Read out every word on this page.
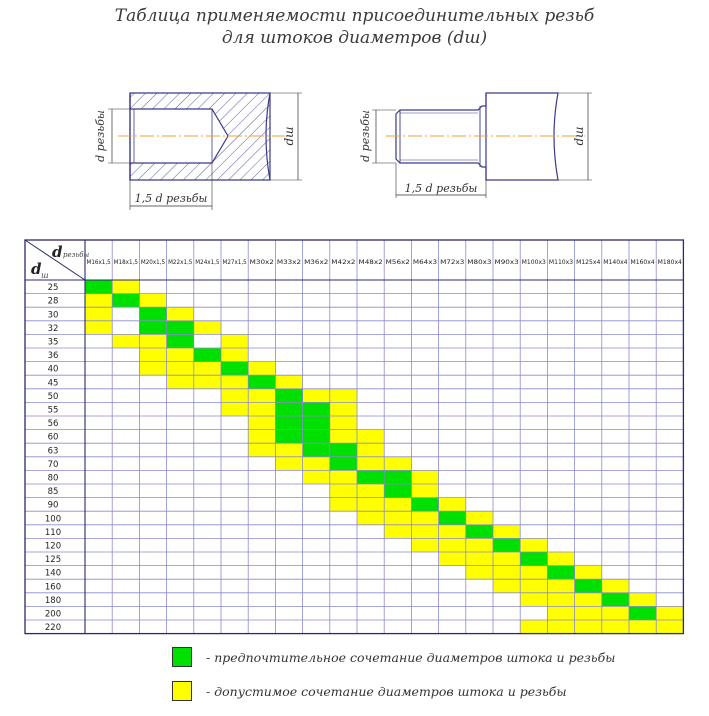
Таблица применяемости присоединительных резьб
для штоков диаметров (dш)
d резьбы	dш
1,5 d резьбы
d резьбы	dш
1,5 d резьбы
d резьбы
d ш
M16x1,5 M18x1,5 M20x1,5 M22x1,5 M24x1,5 M27x1,5 M30x2 M33x2 M36x2 M42x2 M48x2 M56x2 M64x3 M72x3 M80x3 M90x3 M100x3 M110x3 M125x4 M140x4 M160x4 M180x4
25
28
30
32
35
36
40
45
50
55
56
60
63
70
80
85
90
100
110
120
125
140
160
180
200
220
- предпочтительное сочетание диаметров штока и резьбы
- допустимое сочетание диаметров штока и резьбы
